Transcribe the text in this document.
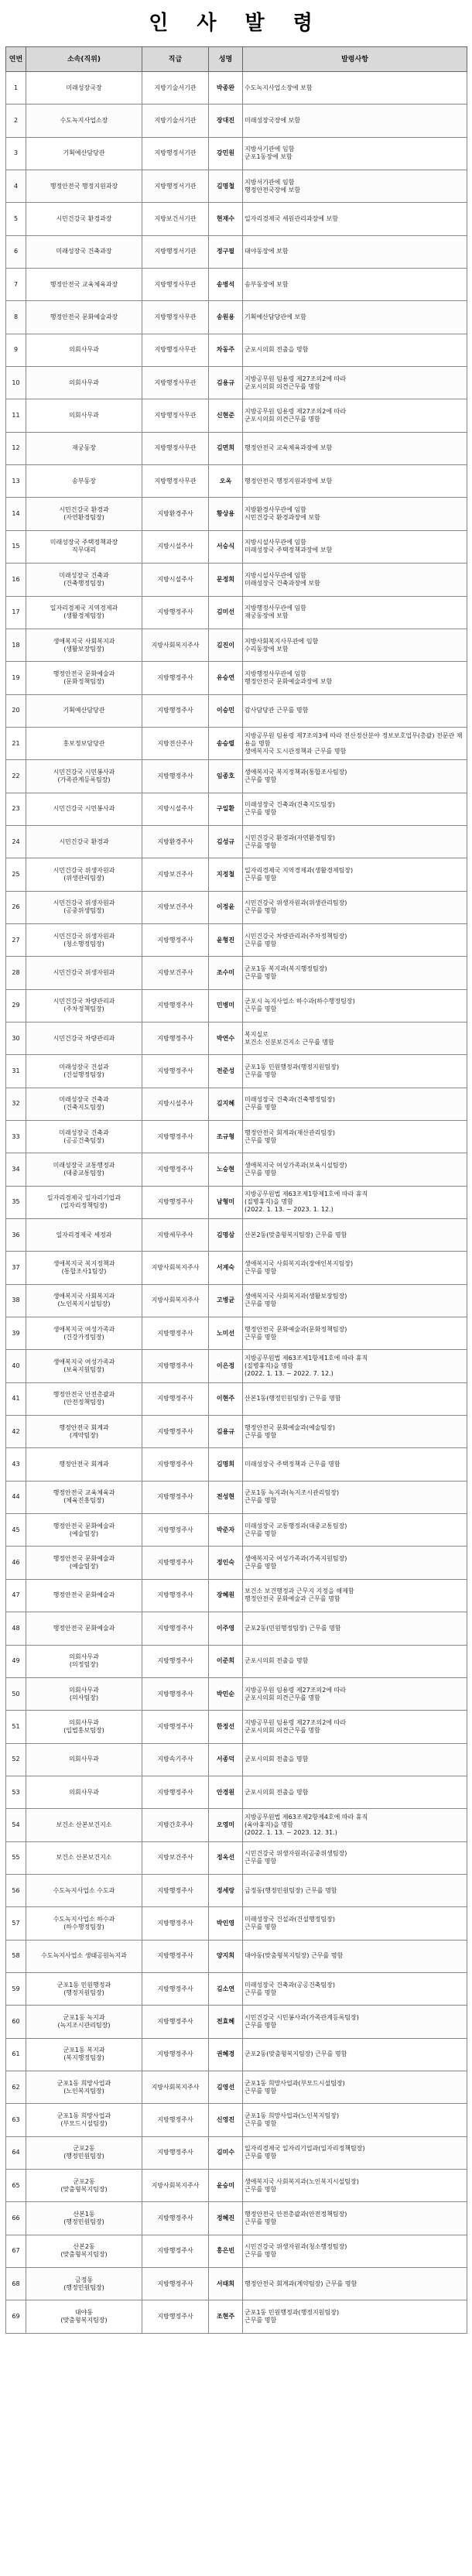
인 사 발 령
연번	소속(직위)	직급	성명	발령사항

1	미래성장국장	지방기술서기관	박종완	수도녹지사업소장에 보함

2	수도녹지사업소장	지방기술서기관	장대진	미래성장국장에 보함

3	기획예산담당관	지방행정서기관	강민원	지방서기관에 임함
군포1동장에 보함

4	행정안전국 행정지원과장	지방행정서기관	김명철	지방서기관에 임함
행정안전국장에 보함

5	시민건강국 환경과장	지방보건서기관	현재수	일자리경제국 세원관리과장에 보함

6	미래성장국 건축과장	지방행정서기관	정구필	대야동장에 보함

7	행정안전국 교육체육과장	지방행정사무관	송병석	송부동장에 보함

8	행정안전국 문화예술과장	지방행정사무관	송원용	기획예산담당관에 보함

9	의회사무과	지방행정사무관	차동주	군포시의회 전출을 명함

10	의회사무과	지방행정사무관	김용규	지방공무원 임용령 제27조의2에 따라
군포시의회 의견근무를 명함

11	의회사무과	지방행정사무관	신현준	지방공무원 임용령 제27조의2에 따라
군포시의회 의견근무를 명함

12	재궁동장	지방행정사무관	김면희	행정안전국 교육체육과장에 보함

13	송부동장	지방행정사무관	오옥	행정안전국 행정지원과장에 보함

14	시민건강국 환경과
(자연환경팀장)	지방환경주사	황상용	지방환경사무관에 임함
시민건강국 환경과장에 보함

15	미래성장국 주택정책과장
직무대리	지방시설주사	서승식	지방시설사무관에 임함
미래성장국 주택정책과장에 보함

16	미래성장국 건축과
(건축행정팀장)	지방시설주사	문정희	지방시설사무관에 임함
미래성장국 건축과장에 보함

17	일자리경제국 지역경제과
(생활경제팀장)	지방행정주사	김미선	지방행정사무관에 임함
재궁동장에 보함

18	생애복지국 사회복지과
(생활보장팀장)	지방사회복지주사	김진이	지방사회복지사무관에 임함
수리동장에 보함

19	행정안전국 문화예술과
(문화정책팀장)	지방행정주사	유승연	지방행정사무관에 임함
행정안전국 문화예술과장에 보함

20	기획예산담당관	지방행정주사	이승민	감사담당관 근무를 명함

21	홍보정보담당관	지방전산주사	송승렬	지방공무원 임용령 제7조의3에 따라 전산정산분야 정보보호업무(총괄) 전문관 채용을 명함
생애복지국 도시관정책과 근무를 명함

22	시민건강국 시민봉사과
(가족관계등록팀장)	지방행정주사	임종호	생애복지국 복지정책과(통합조사팀장)
근무를 명함

23	시민건강국 시민봉사과	지방시설주사	구일환	미래성장국 건축과(건축지도팀장)
근무를 명함

24	시민건강국 환경과	지방환경주사	김성규	시민건강국 환경과(자연환경팀장)
근무를 명함

25	시민건강국 위생자원과
(위생관리팀장)	지방보건주사	지정철	일자리경제국 지역경제과(생활경제팀장)
근무를 명함

26	시민건강국 위생자원과
(공중위생팀장)	지방보건주사	이정윤	시민건강국 위생자원과(위생관리팀장)
근무를 명함

27	시민건강국 위생자원과
(청소행정팀장)	지방행정주사	윤형진	시민건강국 차량관리과(주차정책팀장)
근무를 명함

28	시민건강국 위생자원과	지방보건주사	조수미	군포1동 복지과(복지행정팀장)
근무를 명함

29	시민건강국 차량관리과
(주차정책팀장)	지방행정주사	민병미	군포시 녹지사업소 하수과(하수행정팀장)
근무를 명함

30	시민건강국 차량관리과	지방행정주사	박연수	복지실로
보건소 신분보건지소 근무를 명함

31	미래성장국 건설과
(건설행정팀장)	지방행정주사	전준성	군포1동 민원행정과(행정지원팀장)
근무를 명함

32	미래성장국 건축과
(건축지도팀장)	지방시설주사	김지혜	미래성장국 건축과(건축행정팀장)
근무를 명함

33	미래성장국 건축과
(공공건축팀장)	지방행정주사	조규형	행정안전국 회계과(재산관리팀장)
근무를 명함

34	미래성장국 교통행정과
(대중교통팀장)	지방행정주사	노승현	생애복지국 여성가족과(보육시설팀장)
근무를 명함

35	일자리경제국 일자리기업과
(일자리정책팀장)	지방행정주사	남형미	지방공무원법 제63조제1항제1호에 따라 휴직
(질병휴직)을 명함
(2022. 1. 13. ~ 2023. 1. 12.)

36	일자리경제국 세정과	지방세무주사	김명삼	산본2동(맞춤형복지팀장) 근무를 명함

37	생애복지국 복지정책과
(통합조사1팀장)	지방사회복지주사	서계숙	생애복지국 사회복지과(장애인복지팀장)
근무를 명함

38	생애복지국 사회복지과
(노인복지시설팀장)	지방사회복지주사	고병균	생애복지국 사회복지과(생활보장팀장)
근무를 명함

39	생애복지국 여성가족과
(건강가정팀장)	지방행정주사	노미선	행정안전국 문화예술과(문화정책팀장)
근무를 명함

40	생애복지국 여성가족과
(보육지원팀장)	지방행정주사	이은정	지방공무원법 제63조제1항제1호에 따라 휴직
(질병휴직)을 명함
(2022. 1. 13. ~ 2022. 7. 12.)

41	행정안전국 안전총괄과
(안전정책팀장)	지방행정주사	이현주	산본1동(행정민원팀장) 근무를 명함

42	행정안전국 회계과
(계약팀장)	지방행정주사	김용규	행정안전국 문화예술과(예술팀장)
근무를 명함

43	행정안전국 회계과	지방행정주사	김명희	미래성장국 주택정책과 근무를 명함

44	행정안전국 교육체육과
(체육진흥팀장)	지방행정주사	전성현	군포1동 녹지과(녹지조시관리팀장)
근무를 명함

45	행정안전국 문화예술과
(예술팀장)	지방행정주사	박준자	미래성장국 교통행정과(대중교통팀장)
근무를 명함

46	행정안전국 문화예술과
(예술팀장)	지방행정주사	정인숙	생애복지국 여성가족과(가족지원팀장)
근무를 명함

47	행정안전국 문화예술과	지방행정주사	장혜원	보건소 보건행정과 근무지 지정을 해제함
행정안전국 문화예술과 근무를 명함

48	행정안전국 문화예술과	지방행정주사	이주영	군포2동(민원행정팀장) 근무를 명함

49	의회사무과
(의정팀장)	지방행정주사	이준희	군포시의회 전출을 명함

50	의회사무과
(의사팀장)	지방행정주사	박민순	지방공무원 임용령 제27조의2에 따라
군포시의회 의견근무를 명함

51	의회사무과
(입법홍보팀장)	지방행정주사	한정선	지방공무원 임용령 제27조의2에 따라
군포시의회 의견근무를 명함

52	의회사무과	지방속기주사	서종덕	군포시의회 전출을 명함

53	의회사무과	지방행정주사	안경원	군포시의회 전출을 명함

54	보건소 산본보건지소	지방간호주사	오영미	지방공무원법 제63조제2항제4호에 따라 휴직
(육아휴직)을 명함
(2022. 1. 13. ~ 2023. 12. 31.)

55	보건소 산본보건지소	지방보건주사	정옥선	시민건강국 위생자원과(공중위생팀장)
근무를 명함

56	수도녹지사업소 수도과	지방행정주사	정세랑	금정동(행정민원팀장) 근무를 명함

57	수도녹지사업소 하수과
(하수행정팀장)	지방행정주사	박인영	미래성장국 건설과(건설행정팀장)
근무를 명함

58	수도녹지사업소 생태공원녹지과	지방행정주사	양지희	대야동(맞춤형복지팀장) 근무를 명함

59	군포1동 민원행정과
(행정지원팀장)	지방행정주사	김소연	미래성장국 건축과(공공건축팀장)
근무를 명함

60	군포1동 녹지과
(녹지조시관리팀장)	지방행정주사	전효혜	시민건강국 시민봉사과(가족관계등록팀장)
근무를 명함

61	군포1동 복지과
(복지행정팀장)	지방행정주사	권혜경	군포2동(맞춤형복지팀장) 근무를 명함

62	군포1동 희망사업과
(노인복지팀장)	지방사회복지주사	김영선	군포1동 희망사업과(부모드시설팀장)
근무를 명함

63	군포1동 희망사업과
(부모드시설팀장)	지방행정주사	신영진	군포1동 희망사업과(노인복지팀장)
근무를 명함

64	군포2동
(행정민원팀장)	지방행정주사	김미수	일자리경제국 일자리기업과(일자리정책팀장)
근무를 명함

65	군포2동
(맞춤형복지팀장)	지방사회복지주사	윤승미	생애복지국 사회복지과(노인복지시설팀장)
근무를 명함

66	산본1동
(행정민원팀장)	지방행정주사	정혜진	행정안전국 안전총괄과(안전정책팀장)
근무를 명함

67	산본2동
(맞춤형복지팀장)	지방행정주사	홍은빈	시민건강국 위생자원과(청소행정팀장)
근무를 명함

68	금정동
(행정민원팀장)	지방행정주사	서태희	행정안전국 회계과(계약팀장) 근무를 명함

69	대야동
(맞춤형복지팀장)	지방행정주사	조현주	군포1동 민원행정과(행정지원팀장)
근무를 명함
